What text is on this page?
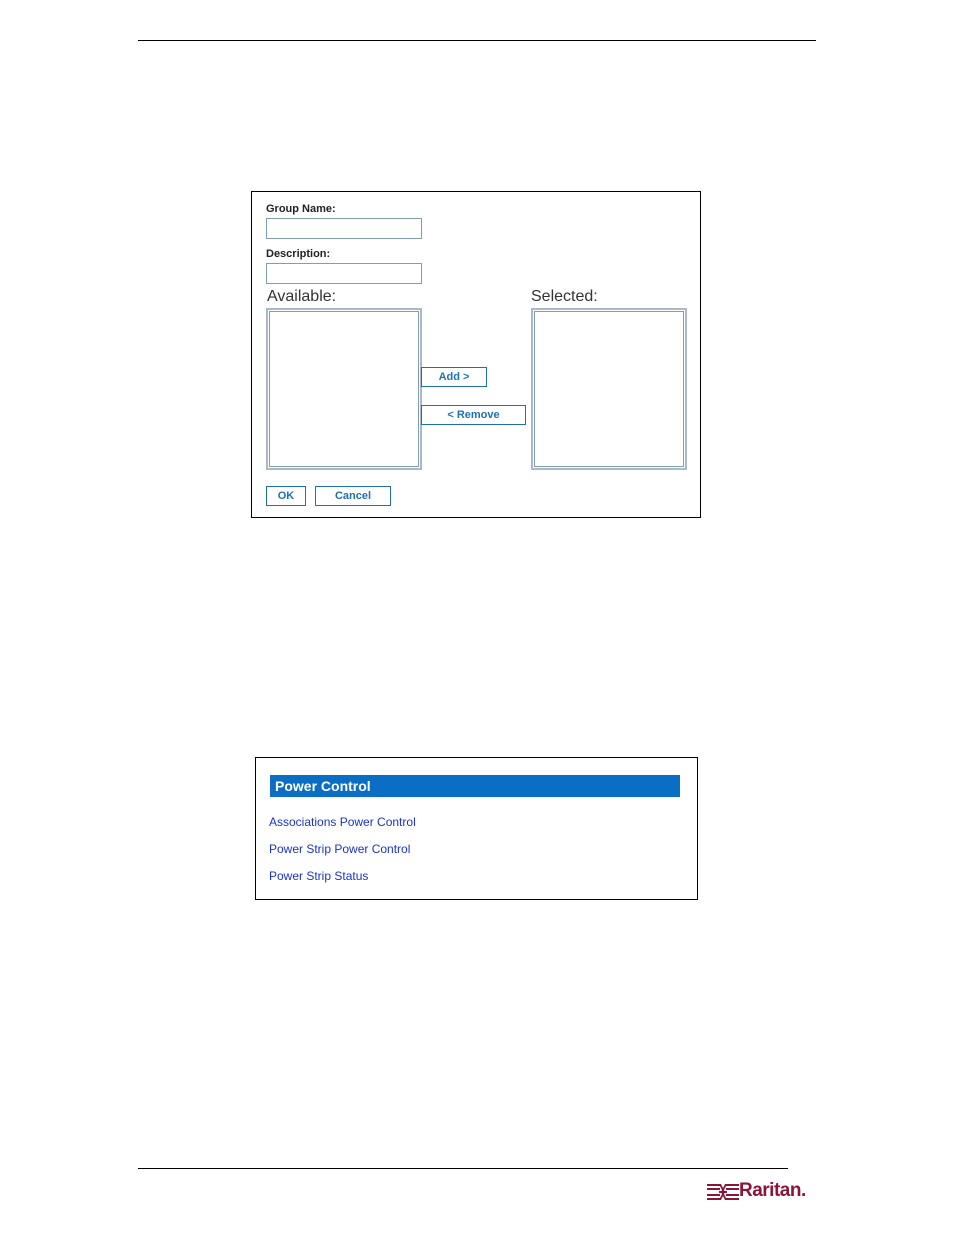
Group Name:
Description:
Available:	Selected:
Add >
< Remove
OK	Cancel
Power Control
Associations Power Control
Power Strip Power Control
Power Strip Status
Raritan.
